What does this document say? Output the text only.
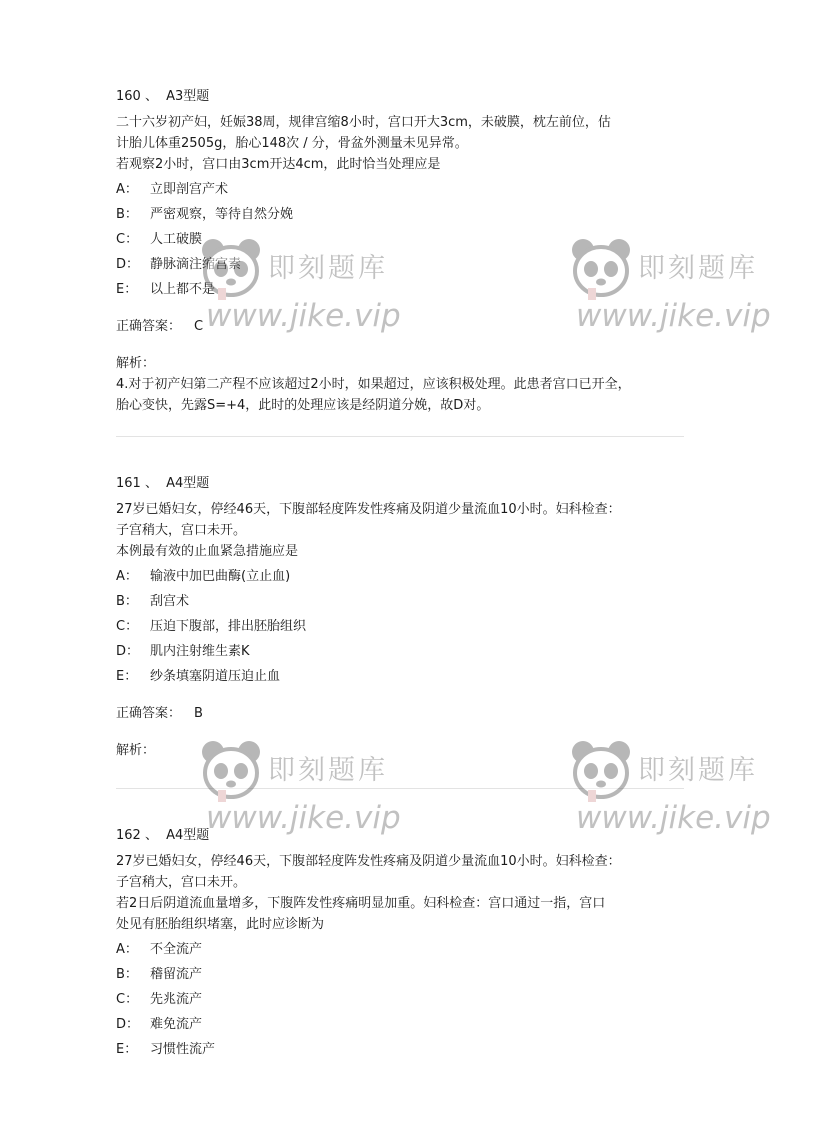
160 、 A3型题

二十六岁初产妇，妊娠38周，规律宫缩8小时，宫口开大3cm，未破膜，枕左前位，估

计胎儿体重2505g，胎心148次 / 分，骨盆外测量未见异常。

若观察2小时，宫口由3cm开达4cm，此时恰当处理应是

A： 立即剖宫产术
B： 严密观察，等待自然分娩
C： 人工破膜
D： 静脉滴注缩宫素
E： 以上都不是
正确答案： C
解析：
4.对于初产妇第二产程不应该超过2小时，如果超过，应该积极处理。此患者宫口已开全，
胎心变快，先露S=+4，此时的处理应该是经阴道分娩，故D对。
161 、 A4型题

27岁已婚妇女，停经46天，下腹部轻度阵发性疼痛及阴道少量流血10小时。妇科检查：

子宫稍大，宫口未开。

本例最有效的止血紧急措施应是

A： 输液中加巴曲酶(立止血)
B： 刮宫术
C： 压迫下腹部，排出胚胎组织
D： 肌内注射维生素K
E： 纱条填塞阴道压迫止血
正确答案： B
解析：
162 、 A4型题

27岁已婚妇女，停经46天，下腹部轻度阵发性疼痛及阴道少量流血10小时。妇科检查：

子宫稍大，宫口未开。

若2日后阴道流血量增多，下腹阵发性疼痛明显加重。妇科检查：宫口通过一指，宫口

处见有胚胎组织堵塞，此时应诊断为

A： 不全流产
B： 稽留流产
C： 先兆流产
D： 难免流产
E： 习惯性流产
即刻题库
www.jike.vip
即刻题库
www.jike.vip
即刻题库
www.jike.vip
即刻题库
www.jike.vip
